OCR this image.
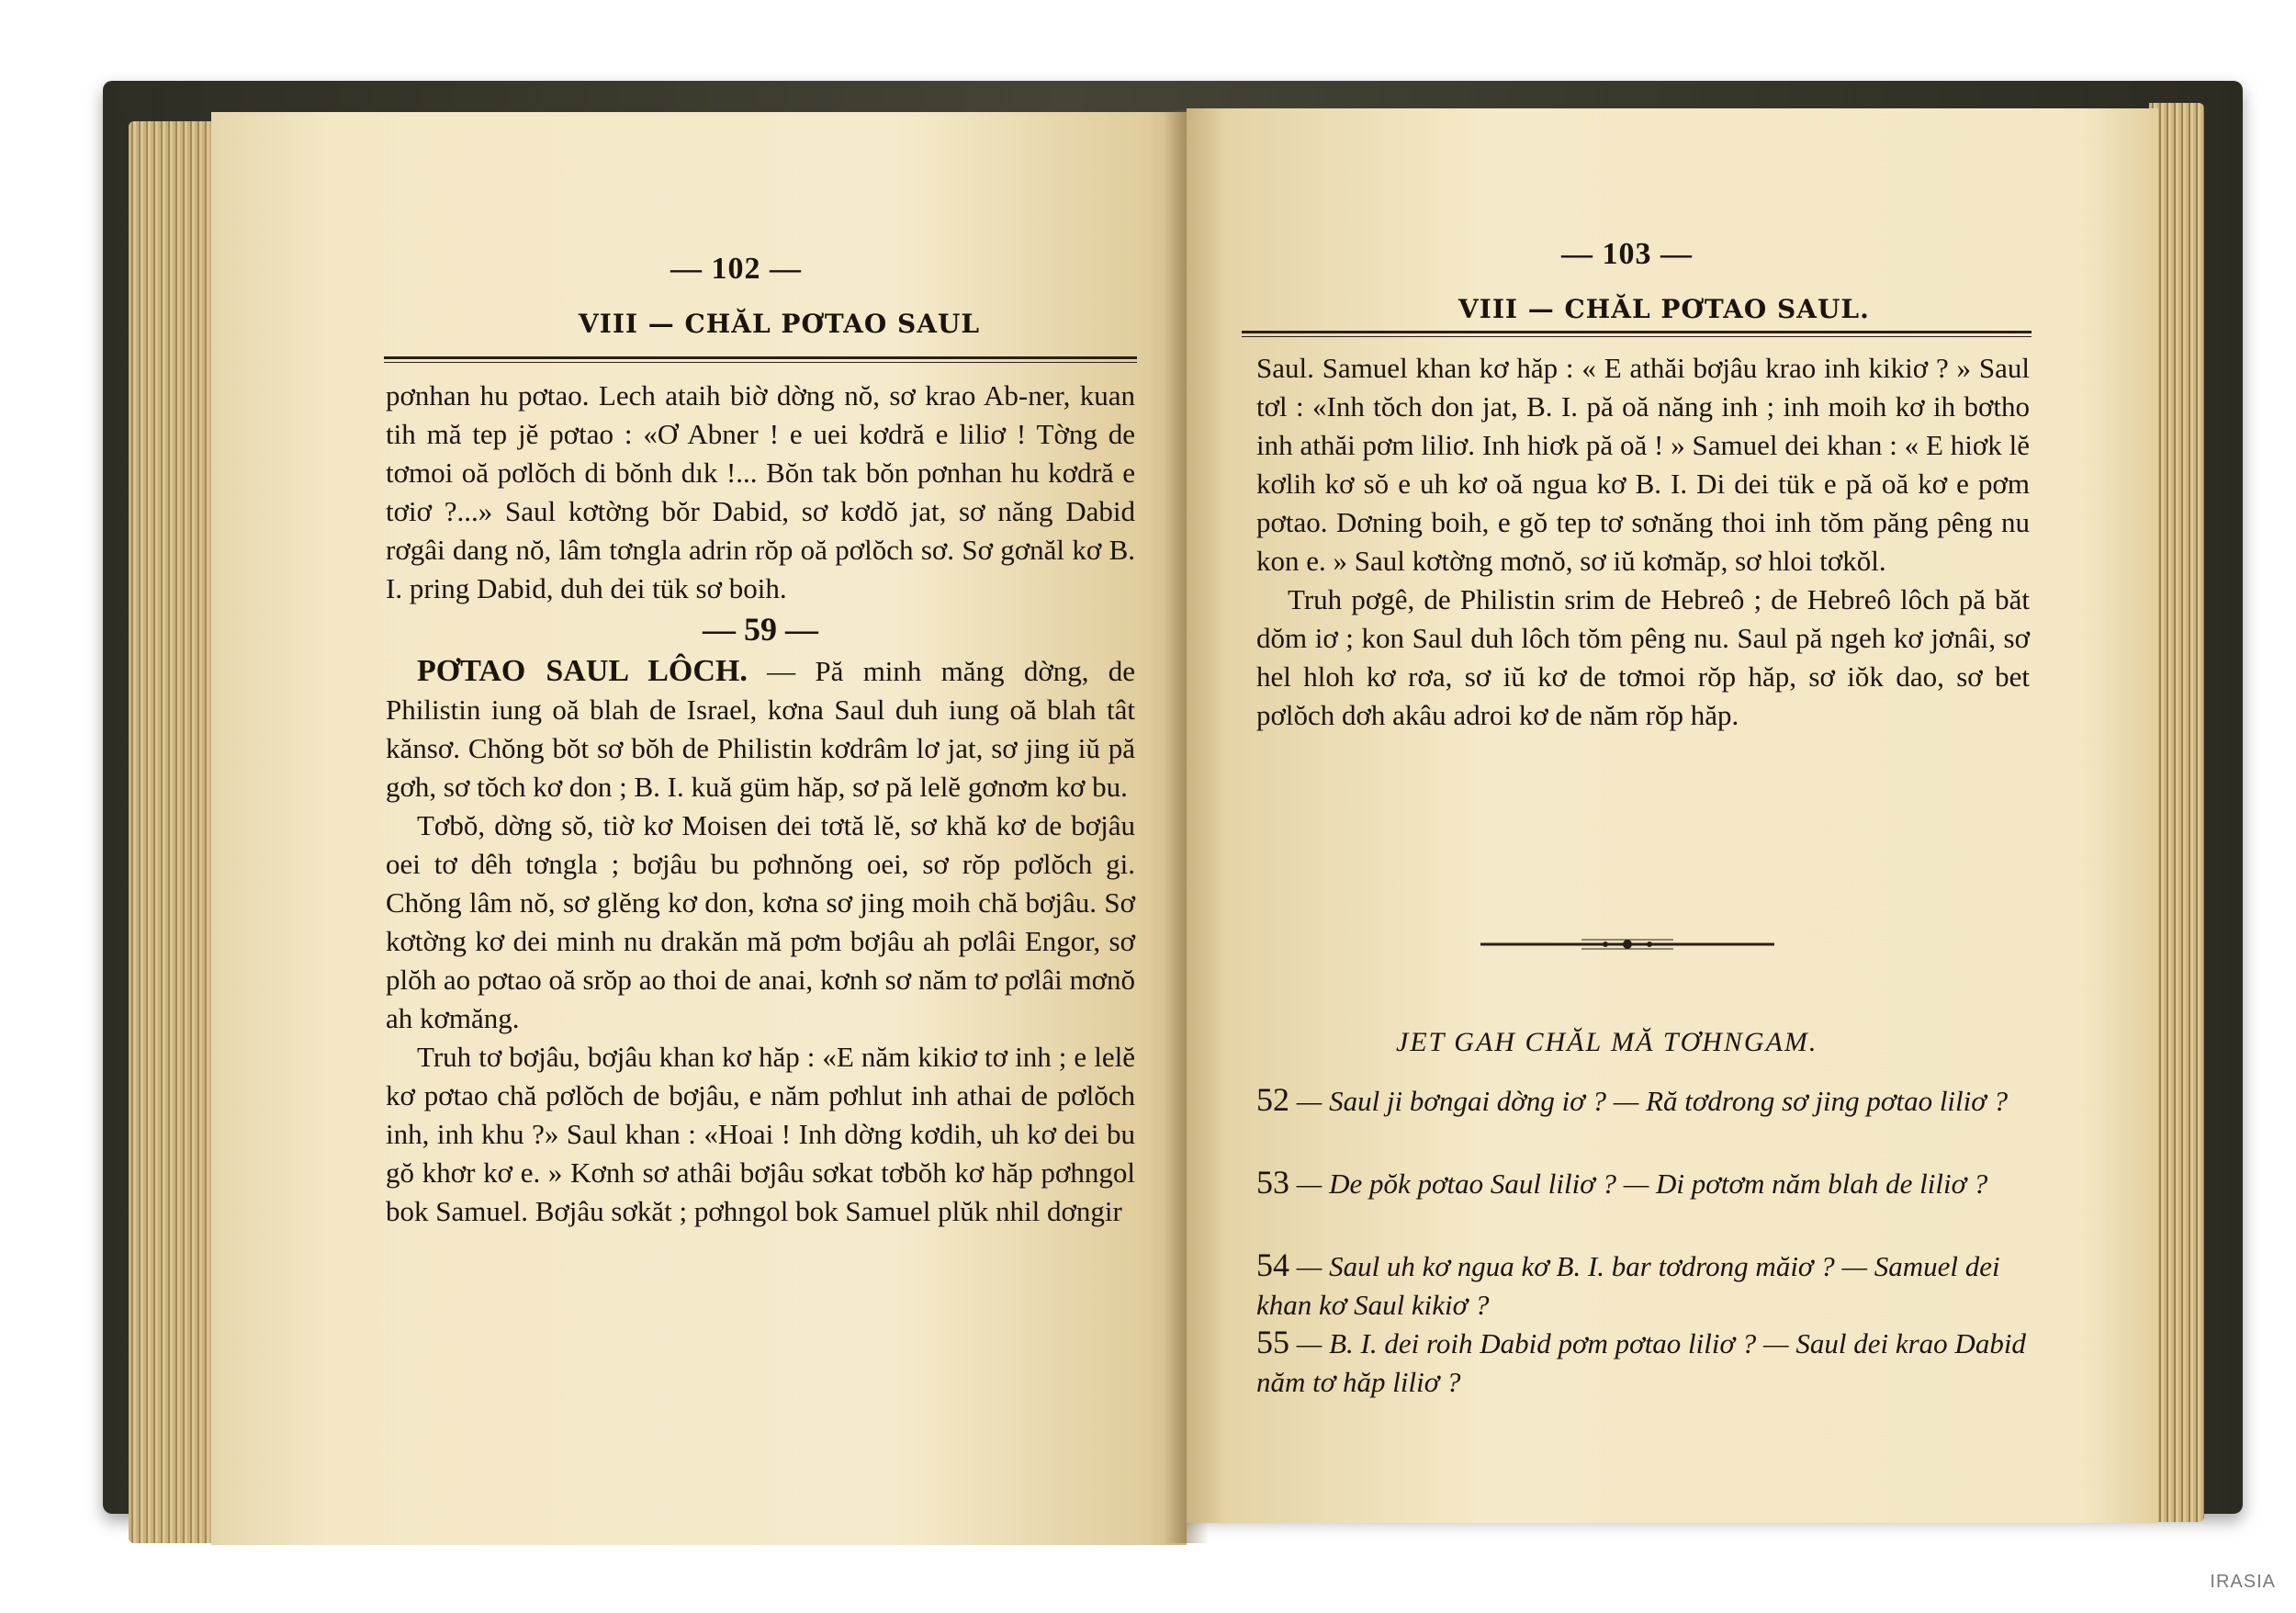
— 102 —
VIII — CHĂL PƠTAO SAUL

pơnhan hu pơtao. Lech ataih biờ dờng nŏ, sơ krao Ab-ner, kuan tih mă tep jĕ pơtao : «Ơ Abner ! e uei kơdră e liliơ ! Tờng de tơmoi oă pơlŏch di bŏnh dık !... Bŏn tak bŏn pơnhan hu kơdră e tơiơ ?...» Saul kơtờng bŏr Dabid, sơ kơdŏ jat, sơ năng Dabid rơgâi dang nŏ, lâm tơngla adrin rŏp oă pơlŏch sơ. Sơ gơnăl kơ B. I. pring Dabid, duh dei tük sơ boih.

— 59 —

PƠTAO SAUL LÔCH. — Pă minh măng dờng, de Philistin iung oă blah de Israel, kơna Saul duh iung oă blah tât kănsơ. Chŏng bŏt sơ bŏh de Philistin kơdrâm lơ jat, sơ jing iŭ pă gơh, sơ tŏch kơ don ; B. I. kuă güm hăp, sơ pă lelĕ gơnơm kơ bu.

Tơbŏ, dờng sŏ, tiờ kơ Moisen dei tơtă lĕ, sơ khă kơ de bơjâu oei tơ dêh tơngla ; bơjâu bu pơhnŏng oei, sơ rŏp pơlŏch gi. Chŏng lâm nŏ, sơ glĕng kơ don, kơna sơ jing moih chă bơjâu. Sơ kơtờng kơ dei minh nu drakăn mă pơm bơjâu ah pơlâi Engor, sơ plŏh ao pơtao oă srŏp ao thoi de anai, kơnh sơ năm tơ pơlâi mơnŏ ah kơmăng.

Truh tơ bơjâu, bơjâu khan kơ hăp : «E năm kikiơ tơ inh ; e lelĕ kơ pơtao chă pơlŏch de bơjâu, e năm pơhlut inh athai de pơlŏch inh, inh khu ?» Saul khan : «Hoai ! Inh dờng kơdih, uh kơ dei bu gŏ khơr kơ e. » Kơnh sơ athâi bơjâu sơkat tơbŏh kơ hăp pơhngol bok Samuel. Bơjâu sơkăt ; pơhngol bok Samuel plŭk nhil dơngir

— 103 —
VIII — CHĂL PƠTAO SAUL.

Saul. Samuel khan kơ hăp : « E athăi bơjâu krao inh kikiơ ? » Saul tơl : «Inh tŏch don jat, B. I. pă oă năng inh ; inh moih kơ ih bơtho inh athăi pơm liliơ. Inh hiơk pă oă ! » Samuel dei khan : « E hiơk lĕ kơlih kơ sŏ e uh kơ oă ngua kơ B. I. Di dei tük e pă oă kơ e pơm pơtao. Dơning boih, e gŏ tep tơ sơnăng thoi inh tŏm păng pêng nu kon e. » Saul kơtờng mơnŏ, sơ iŭ kơmăp, sơ hloi tơkŏl.

Truh pơgê, de Philistin srim de Hebreô ; de Hebreô lôch pă băt dŏm iơ ; kon Saul duh lôch tŏm pêng nu. Saul pă ngeh kơ jơnâi, sơ hel hloh kơ rơa, sơ iŭ kơ de tơmoi rŏp hăp, sơ iŏk dao, sơ bet pơlŏch dơh akâu adroi kơ de năm rŏp hăp.

JET GAH CHĂL MĂ TƠHNGAM.
52 — Saul ji bơngai dờng iơ ? — Ră tơdrong sơ jing pơtao liliơ ?
53 — De pŏk pơtao Saul liliơ ? — Di pơtơm năm blah de liliơ ?
54 — Saul uh kơ ngua kơ B. I. bar tơdrong măiơ ? — Samuel dei khan kơ Saul kikiơ ?
55 — B. I. dei roih Dabid pơm pơtao liliơ ? — Saul dei krao Dabid năm tơ hăp liliơ ?
IRASIA
